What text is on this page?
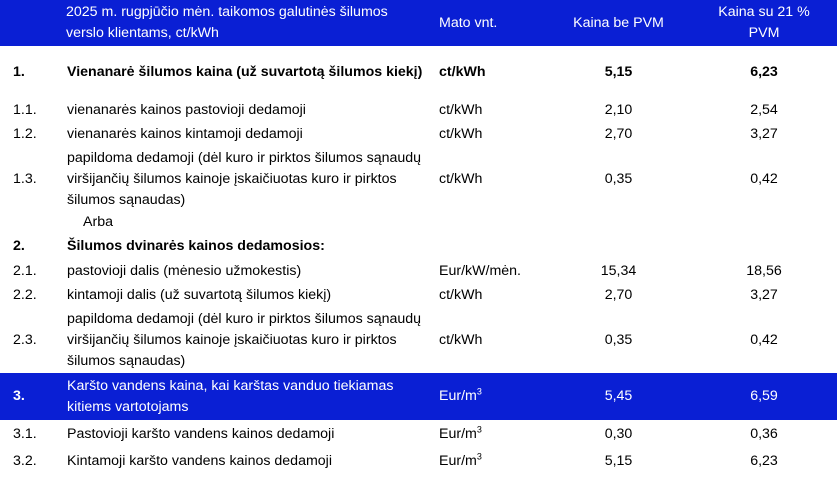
2025 m. rugpjūčio mėn. taikomos galutinės šilumos verslo klientams, ct/kWh		Mato vnt.	Kaina be PVM	Kaina su 21 % PVM
1.	Vienanarė šilumos kaina (už suvartotą šilumos kiekį)	ct/kWh	5,15	6,23
1.1.	vienanarės kainos pastovioji dedamoji	ct/kWh	2,10	2,54
1.2.	vienanarės kainos kintamoji dedamoji	ct/kWh	2,70	3,27
1.3.	papildoma dedamoji (dėl kuro ir pirktos šilumos sąnaudų viršijančių šilumos kainoje įskaičiuotas kuro ir pirktos šilumos sąnaudas)	ct/kWh	0,35	0,42
	Arba			
2.	Šilumos dvinarės kainos dedamosios:			
2.1.	pastovioji dalis (mėnesio užmokestis)	Eur/kW/mėn.	15,34	18,56
2.2.	kintamoji dalis (už suvartotą šilumos kiekį)	ct/kWh	2,70	3,27
2.3.	papildoma dedamoji (dėl kuro ir pirktos šilumos sąnaudų viršijančių šilumos kainoje įskaičiuotas kuro ir pirktos šilumos sąnaudas)	ct/kWh	0,35	0,42
3.	Karšto vandens kaina, kai karštas vanduo tiekiamas kitiems vartotojams	Eur/$m^3$	5,45	6,59
3.1.	Pastovioji karšto vandens kainos dedamoji	Eur/$m^3$	0,30	0,36
3.2.	Kintamoji karšto vandens kainos dedamoji	Eur/$m^3$	5,15	6,23
